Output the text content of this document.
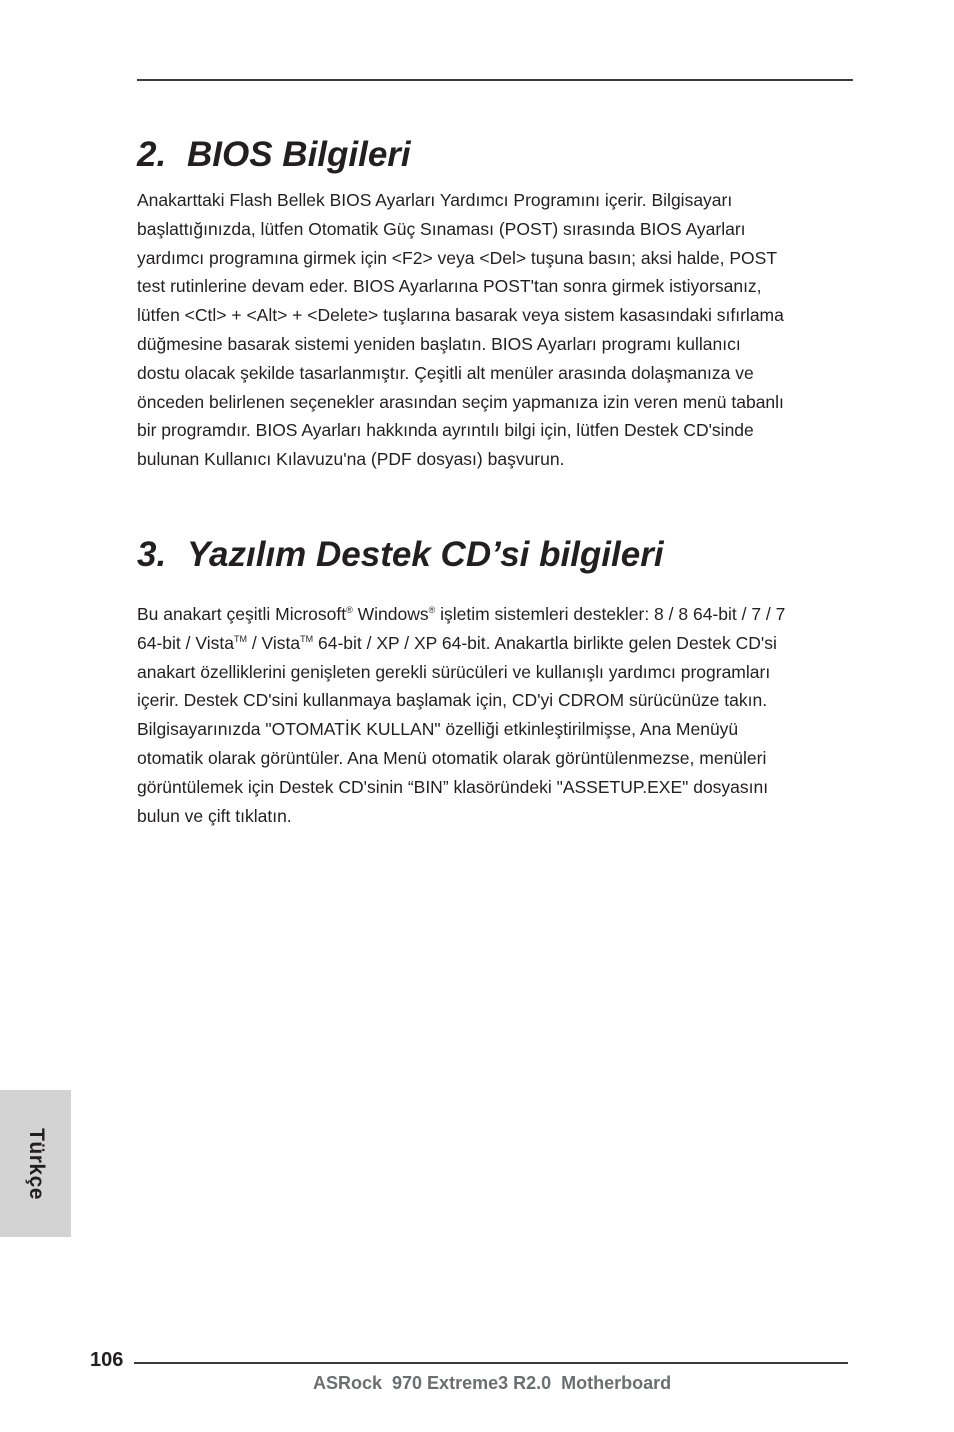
2. BIOS Bilgileri

Anakarttaki Flash Bellek BIOS Ayarları Yardımcı Programını içerir. Bilgisayarı
başlattığınızda, lütfen Otomatik Güç Sınaması (POST) sırasında BIOS Ayarları
yardımcı programına girmek için <F2> veya <Del> tuşuna basın; aksi halde, POST
test rutinlerine devam eder. BIOS Ayarlarına POST'tan sonra girmek istiyorsanız,
lütfen <Ctl> + <Alt> + <Delete> tuşlarına basarak veya sistem kasasındaki sıfırlama
düğmesine basarak sistemi yeniden başlatın. BIOS Ayarları programı kullanıcı
dostu olacak şekilde tasarlanmıştır. Çeşitli alt menüler arasında dolaşmanıza ve
önceden belirlenen seçenekler arasından seçim yapmanıza izin veren menü tabanlı
bir programdır. BIOS Ayarları hakkında ayrıntılı bilgi için, lütfen Destek CD'sinde
bulunan Kullanıcı Kılavuzu'na (PDF dosyası) başvurun.

3. Yazılım Destek CD’si bilgileri

Bu anakart çeşitli Microsoft® Windows® işletim sistemleri destekler: 8 / 8 64-bit / 7 / 7
64-bit / Vista™ / Vista™ 64-bit / XP / XP 64-bit. Anakartla birlikte gelen Destek CD'si
anakart özelliklerini genişleten gerekli sürücüleri ve kullanışlı yardımcı programları
içerir. Destek CD'sini kullanmaya başlamak için, CD'yi CDROM sürücünüze takın.
Bilgisayarınızda "OTOMATİK KULLAN" özelliği etkinleştirilmişse, Ana Menüyü
otomatik olarak görüntüler. Ana Menü otomatik olarak görüntülenmezse, menüleri
görüntülemek için Destek CD'sinin “BIN” klasöründeki "ASSETUP.EXE" dosyasını
bulun ve çift tıklatın.

Türkçe
106
ASRock  970 Extreme3 R2.0  Motherboard
